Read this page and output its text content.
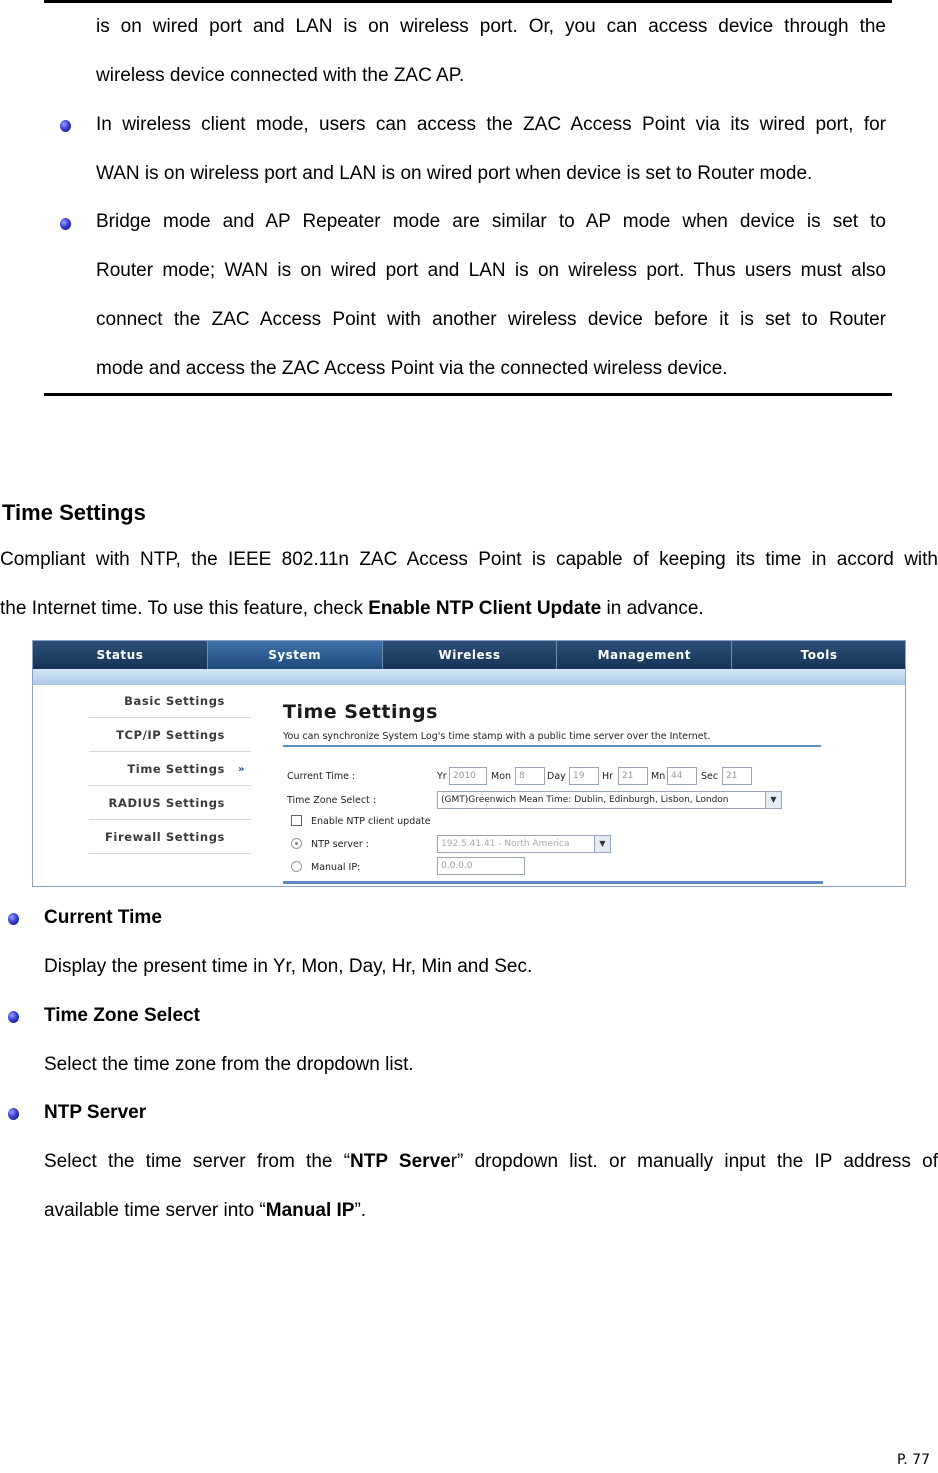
is on wired port and LAN is on wireless port. Or, you can access device through the
wireless device connected with the ZAC AP.
In wireless client mode, users can access the ZAC Access Point via its wired port, for
WAN is on wireless port and LAN is on wired port when device is set to Router mode.
Bridge mode and AP Repeater mode are similar to AP mode when device is set to
Router mode; WAN is on wired port and LAN is on wireless port. Thus users must also
connect the ZAC Access Point with another wireless device before it is set to Router
mode and access the ZAC Access Point via the connected wireless device.
Time Settings
Compliant with NTP, the IEEE 802.11n ZAC Access Point is capable of keeping its time in accord with
the Internet time. To use this feature, check Enable NTP Client Update in advance.
Status	System	Wireless	Management	Tools
Basic Settings
TCP/IP Settings
Time Settings »
RADIUS Settings
Firewall Settings
Time Settings
You can synchronize System Log's time stamp with a public time server over the Internet.
Current Time :	Yr 2010	Mon 8	Day 19	Hr 21	Mn 44	Sec 21
Time Zone Select :	(GMT)Greenwich Mean Time: Dublin, Edinburgh, Lisbon, London	▼
Enable NTP client update
NTP server :	192.5.41.41 - North America	▼
Manual IP:	0.0.0.0
Current Time
Display the present time in Yr, Mon, Day, Hr, Min and Sec.
Time Zone Select
Select the time zone from the dropdown list.
NTP Server
Select the time server from the “NTP Server” dropdown list. or manually input the IP address of
available time server into “Manual IP”.
P. 77
